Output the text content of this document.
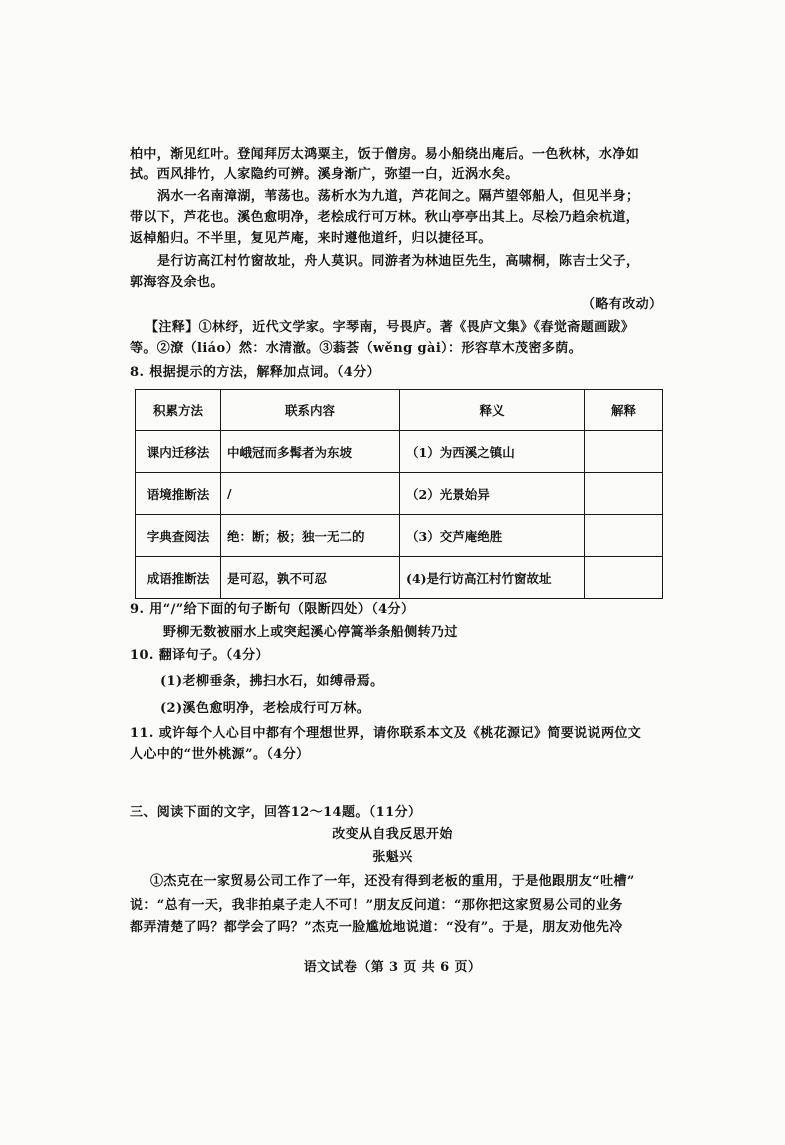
柏中，渐见红叶。登闻拜厉太鸿粟主，饭于僧房。易小船绕出庵后。一色秋林，水净如
拭。西风排竹，人家隐约可辨。溪身渐广，弥望一白，近涡水矣。
涡水一名南漳湖，苇荡也。荡析水为九道，芦花间之。隔芦望邻船人，但见半身；
带以下，芦花也。溪色愈明净，老桧成行可万林。秋山亭亭出其上。尽桧乃趋余杭道，
返棹船归。不半里，复见芦庵，来时遵他道纤，归以捷径耳。
是行访高江村竹窗故址，舟人莫识。同游者为林迪臣先生，高啸桐，陈吉士父子，
郭海容及余也。
（略有改动）
【注释】①林纾，近代文学家。字琴南，号畏庐。著《畏庐文集》《春觉斋题画跋》
等。②潦（liáo）然：水清澈。③蓊荟（wěng gài）：形容草木茂密多荫。
8. 根据提示的方法，解释加点词。（4分）
积累方法	联系内容	释义	解释
课内迁移法	中峨冠而多髯者为东坡	（1）为西溪之镇山	
语境推断法	/	（2）光景始异	
字典查阅法	绝：断；极；独一无二的	（3）交芦庵绝胜	
成语推断法	是可忍，孰不可忍	(4)是行访高江村竹窗故址	
9. 用“/”给下面的句子断句（限断四处）（4分）
野柳无数被丽水上或突起溪心停篙举条船侧转乃过
10. 翻译句子。（4分）
(1)老柳垂条，拂扫水石，如缚帚焉。
(2)溪色愈明净，老桧成行可万林。
11. 或许每个人心目中都有个理想世界，请你联系本文及《桃花源记》简要说说两位文
人心中的“世外桃源”。（4分）
三、阅读下面的文字，回答12～14题。（11分）
改变从自我反思开始
张魁兴
①杰克在一家贸易公司工作了一年，还没有得到老板的重用，于是他跟朋友“吐槽”
说：“总有一天，我非拍桌子走人不可！”朋友反问道：“那你把这家贸易公司的业务
都弄清楚了吗？都学会了吗？”杰克一脸尴尬地说道：“没有”。于是，朋友劝他先冷
语文试卷（第 3 页 共 6 页）
